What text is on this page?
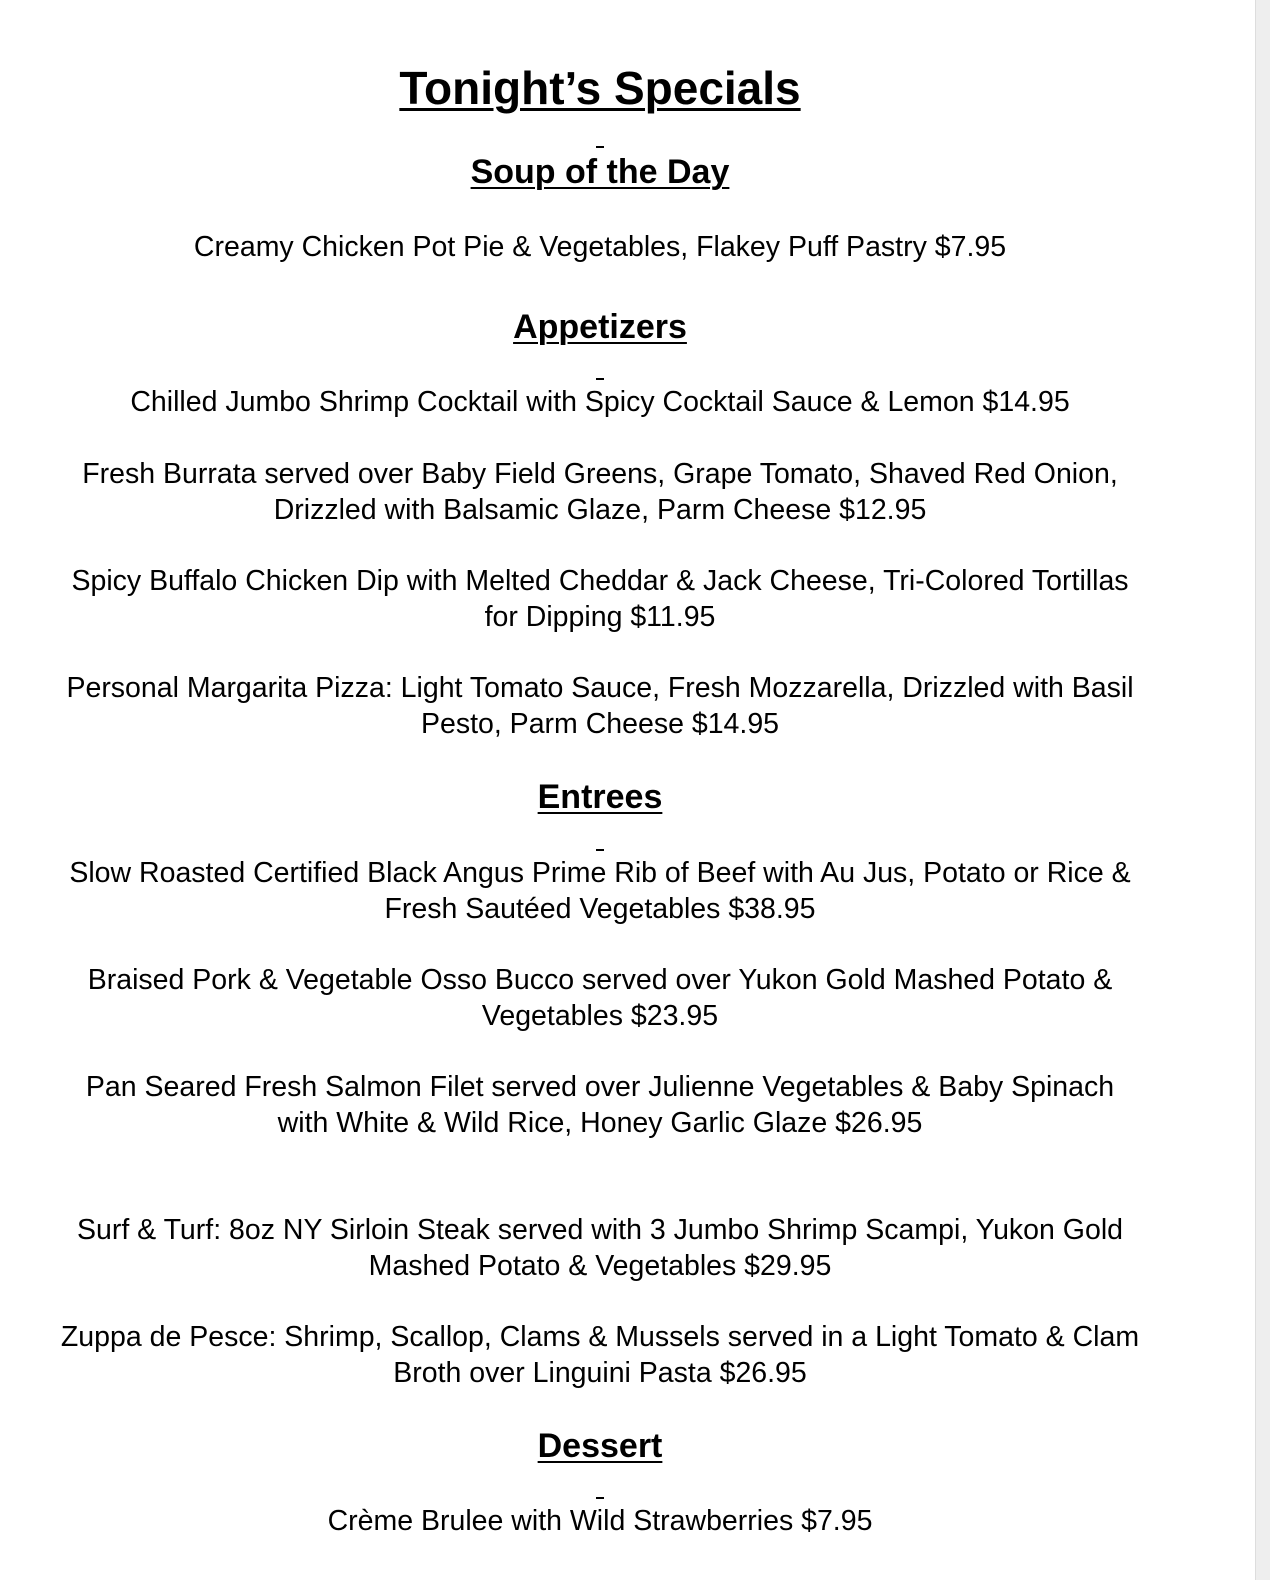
Tonight’s Specials
Soup of the Day
Creamy Chicken Pot Pie & Vegetables, Flakey Puff Pastry $7.95
Appetizers
Chilled Jumbo Shrimp Cocktail with Spicy Cocktail Sauce & Lemon $14.95
Fresh Burrata served over Baby Field Greens, Grape Tomato, Shaved Red Onion, Drizzled with Balsamic Glaze, Parm Cheese $12.95
Spicy Buffalo Chicken Dip with Melted Cheddar & Jack Cheese, Tri-Colored Tortillas for Dipping $11.95
Personal Margarita Pizza: Light Tomato Sauce, Fresh Mozzarella, Drizzled with Basil Pesto, Parm Cheese $14.95
Entrees
Slow Roasted Certified Black Angus Prime Rib of Beef with Au Jus, Potato or Rice & Fresh Sautéed Vegetables $38.95
Braised Pork & Vegetable Osso Bucco served over Yukon Gold Mashed Potato & Vegetables $23.95
Pan Seared Fresh Salmon Filet served over Julienne Vegetables & Baby Spinach with White & Wild Rice, Honey Garlic Glaze $26.95
Surf & Turf: 8oz NY Sirloin Steak served with 3 Jumbo Shrimp Scampi, Yukon Gold Mashed Potato & Vegetables $29.95
Zuppa de Pesce: Shrimp, Scallop, Clams & Mussels served in a Light Tomato & Clam Broth over Linguini Pasta $26.95
Dessert
Crème Brulee with Wild Strawberries $7.95
